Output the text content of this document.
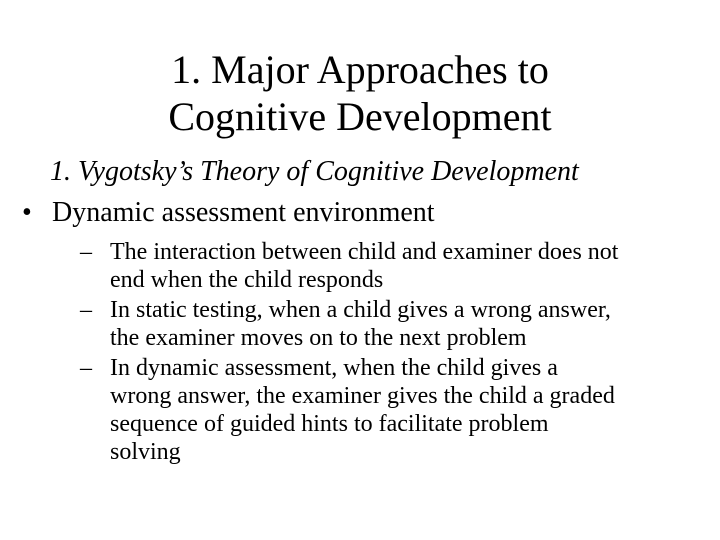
1. Major Approaches to
Cognitive Development
1. Vygotsky’s Theory of Cognitive Development
• Dynamic assessment environment
– The interaction between child and examiner does not
end when the child responds
– In static testing, when a child gives a wrong answer,
the examiner moves on to the next problem
– In dynamic assessment, when the child gives a
wrong answer, the examiner gives the child a graded
sequence of guided hints to facilitate problem
solving
